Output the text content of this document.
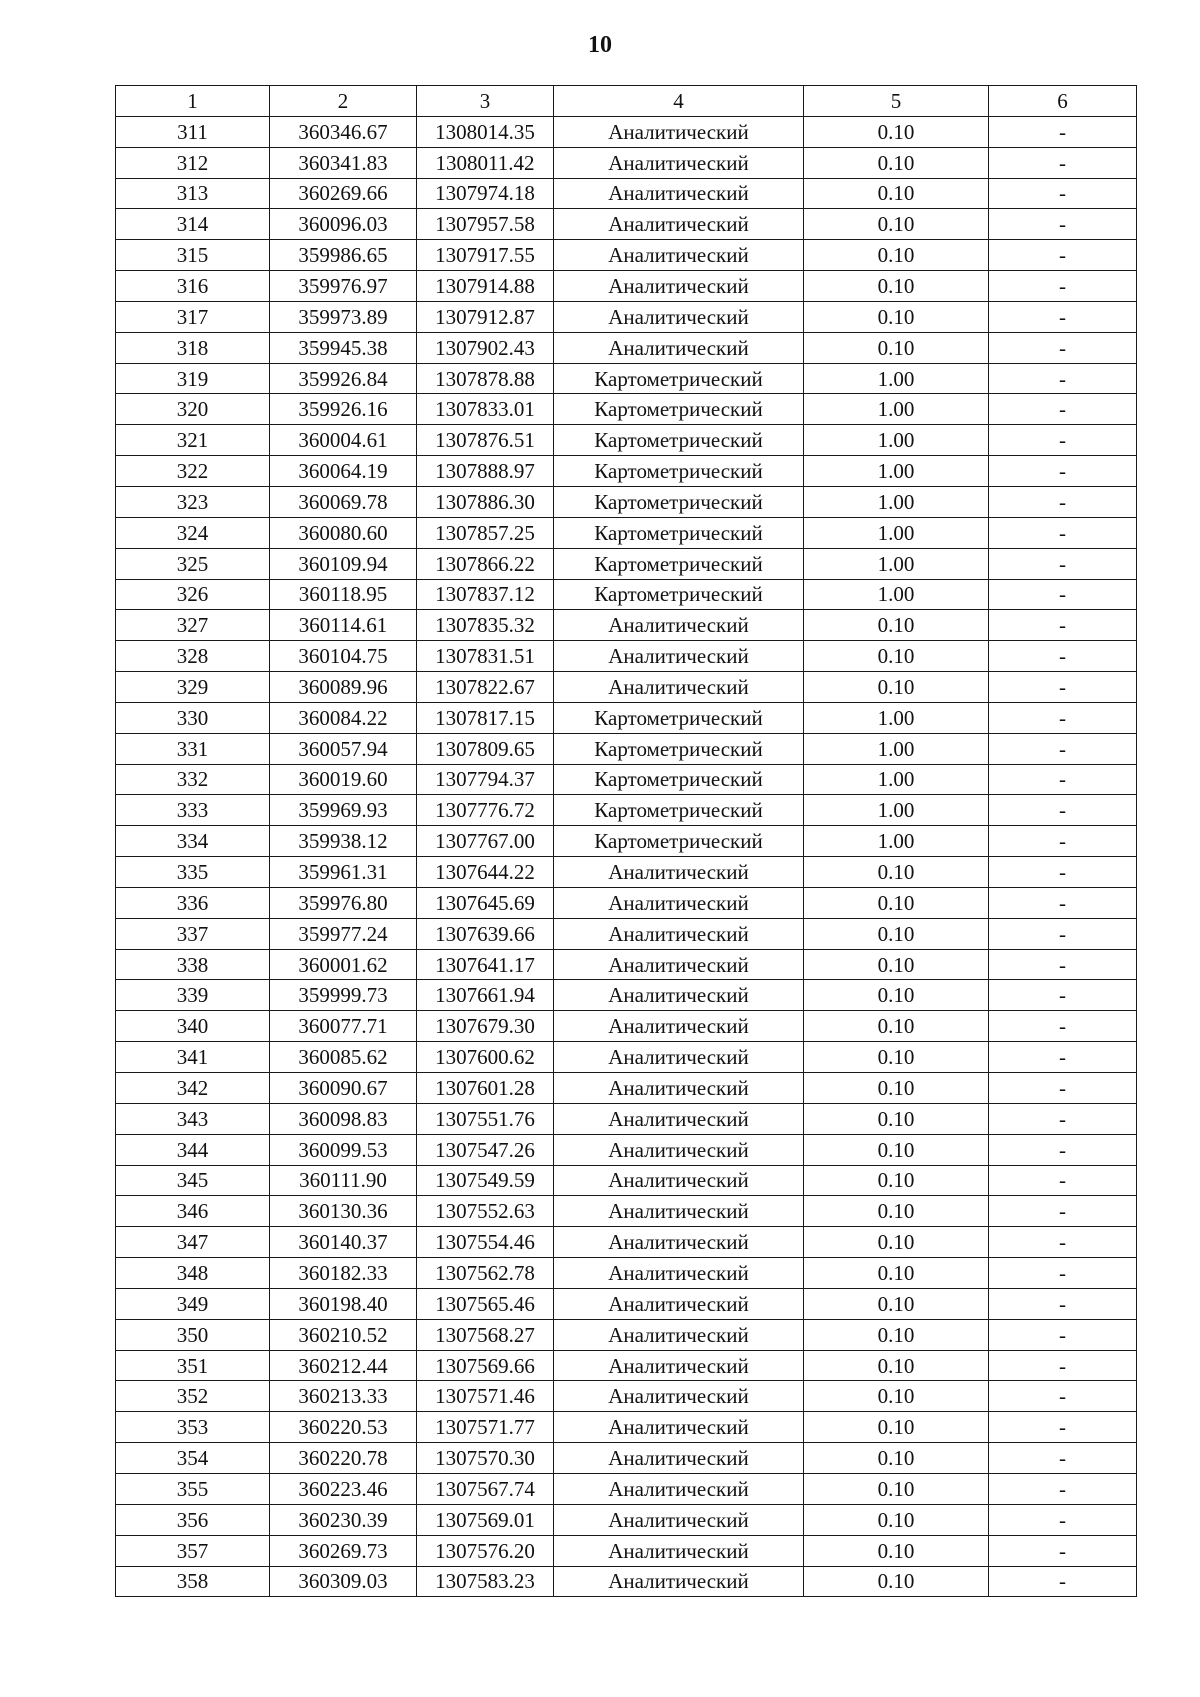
10
1	2	3	4	5	6
311	360346.67	1308014.35	Аналитический	0.10	-
312	360341.83	1308011.42	Аналитический	0.10	-
313	360269.66	1307974.18	Аналитический	0.10	-
314	360096.03	1307957.58	Аналитический	0.10	-
315	359986.65	1307917.55	Аналитический	0.10	-
316	359976.97	1307914.88	Аналитический	0.10	-
317	359973.89	1307912.87	Аналитический	0.10	-
318	359945.38	1307902.43	Аналитический	0.10	-
319	359926.84	1307878.88	Картометрический	1.00	-
320	359926.16	1307833.01	Картометрический	1.00	-
321	360004.61	1307876.51	Картометрический	1.00	-
322	360064.19	1307888.97	Картометрический	1.00	-
323	360069.78	1307886.30	Картометрический	1.00	-
324	360080.60	1307857.25	Картометрический	1.00	-
325	360109.94	1307866.22	Картометрический	1.00	-
326	360118.95	1307837.12	Картометрический	1.00	-
327	360114.61	1307835.32	Аналитический	0.10	-
328	360104.75	1307831.51	Аналитический	0.10	-
329	360089.96	1307822.67	Аналитический	0.10	-
330	360084.22	1307817.15	Картометрический	1.00	-
331	360057.94	1307809.65	Картометрический	1.00	-
332	360019.60	1307794.37	Картометрический	1.00	-
333	359969.93	1307776.72	Картометрический	1.00	-
334	359938.12	1307767.00	Картометрический	1.00	-
335	359961.31	1307644.22	Аналитический	0.10	-
336	359976.80	1307645.69	Аналитический	0.10	-
337	359977.24	1307639.66	Аналитический	0.10	-
338	360001.62	1307641.17	Аналитический	0.10	-
339	359999.73	1307661.94	Аналитический	0.10	-
340	360077.71	1307679.30	Аналитический	0.10	-
341	360085.62	1307600.62	Аналитический	0.10	-
342	360090.67	1307601.28	Аналитический	0.10	-
343	360098.83	1307551.76	Аналитический	0.10	-
344	360099.53	1307547.26	Аналитический	0.10	-
345	360111.90	1307549.59	Аналитический	0.10	-
346	360130.36	1307552.63	Аналитический	0.10	-
347	360140.37	1307554.46	Аналитический	0.10	-
348	360182.33	1307562.78	Аналитический	0.10	-
349	360198.40	1307565.46	Аналитический	0.10	-
350	360210.52	1307568.27	Аналитический	0.10	-
351	360212.44	1307569.66	Аналитический	0.10	-
352	360213.33	1307571.46	Аналитический	0.10	-
353	360220.53	1307571.77	Аналитический	0.10	-
354	360220.78	1307570.30	Аналитический	0.10	-
355	360223.46	1307567.74	Аналитический	0.10	-
356	360230.39	1307569.01	Аналитический	0.10	-
357	360269.73	1307576.20	Аналитический	0.10	-
358	360309.03	1307583.23	Аналитический	0.10	-
